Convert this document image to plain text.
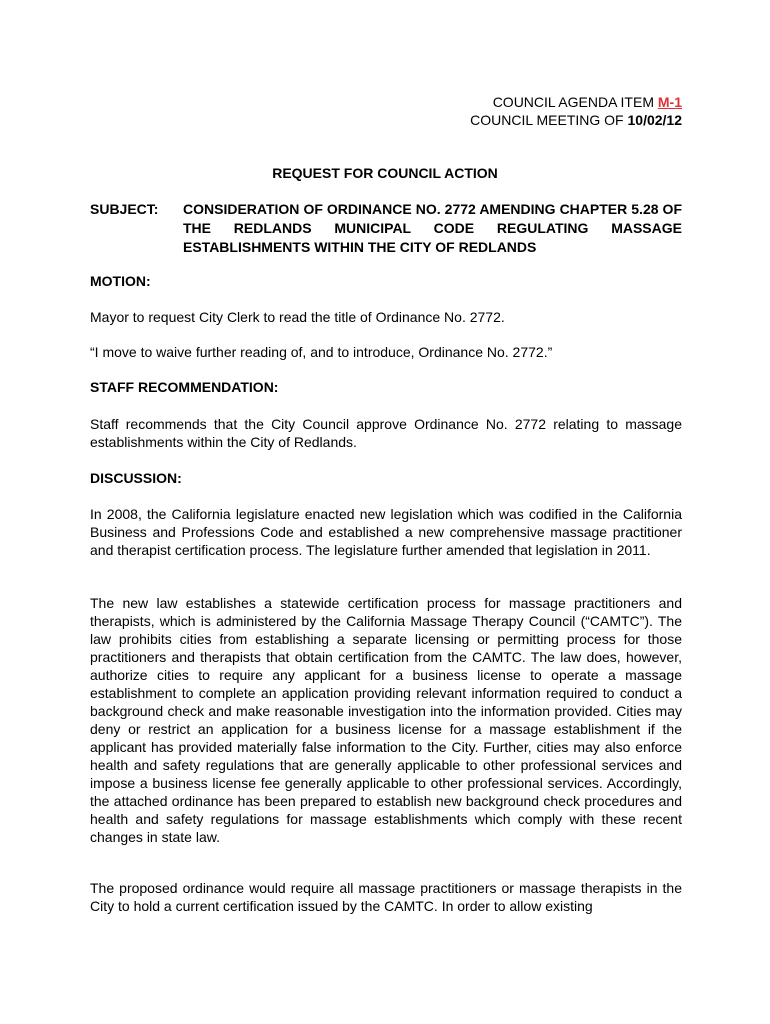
COUNCIL AGENDA ITEM M-1
COUNCIL MEETING OF 10/02/12
REQUEST FOR COUNCIL ACTION
SUBJECT: CONSIDERATION OF ORDINANCE NO. 2772 AMENDING CHAPTER 5.28 OF THE REDLANDS MUNICIPAL CODE REGULATING MASSAGE ESTABLISHMENTS WITHIN THE CITY OF REDLANDS
MOTION:
Mayor to request City Clerk to read the title of Ordinance No. 2772.
“I move to waive further reading of, and to introduce, Ordinance No. 2772.”
STAFF RECOMMENDATION:
Staff recommends that the City Council approve Ordinance No. 2772 relating to massage establishments within the City of Redlands.
DISCUSSION:
In 2008, the California legislature enacted new legislation which was codified in the California Business and Professions Code and established a new comprehensive massage practitioner and therapist certification process. The legislature further amended that legislation in 2011.
The new law establishes a statewide certification process for massage practitioners and therapists, which is administered by the California Massage Therapy Council (“CAMTC”). The law prohibits cities from establishing a separate licensing or permitting process for those practitioners and therapists that obtain certification from the CAMTC. The law does, however, authorize cities to require any applicant for a business license to operate a massage establishment to complete an application providing relevant information required to conduct a background check and make reasonable investigation into the information provided. Cities may deny or restrict an application for a business license for a massage establishment if the applicant has provided materially false information to the City. Further, cities may also enforce health and safety regulations that are generally applicable to other professional services and impose a business license fee generally applicable to other professional services. Accordingly, the attached ordinance has been prepared to establish new background check procedures and health and safety regulations for massage establishments which comply with these recent changes in state law.
The proposed ordinance would require all massage practitioners or massage therapists in the City to hold a current certification issued by the CAMTC. In order to allow existing
